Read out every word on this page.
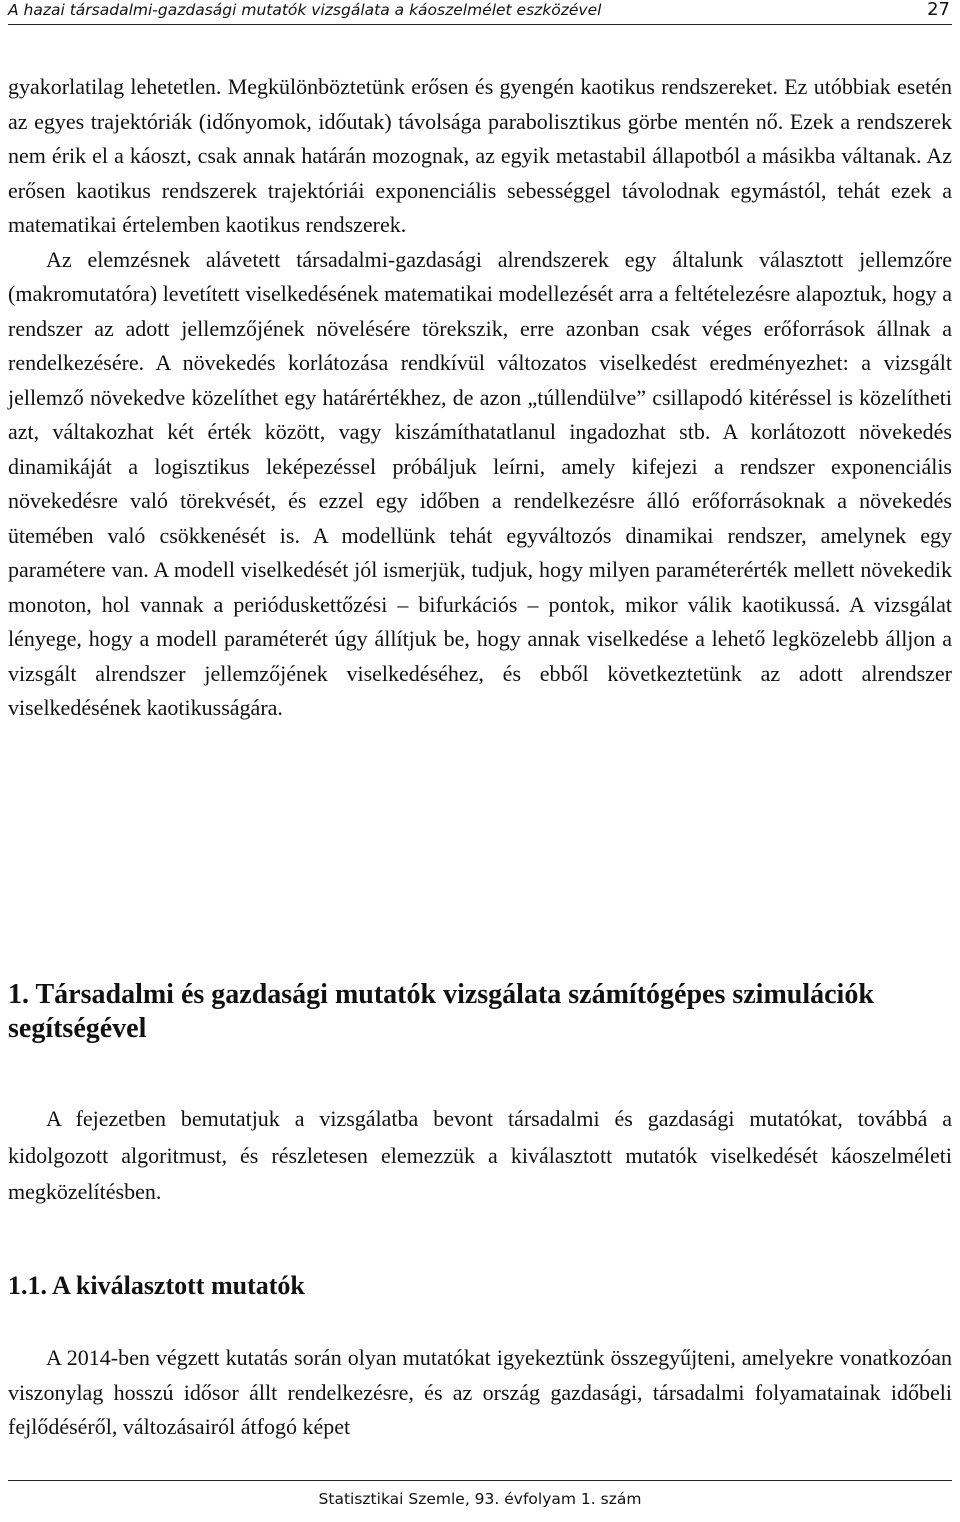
A hazai társadalmi-gazdasági mutatók vizsgálata a káoszelmélet eszközével	27

gyakorlatilag lehetetlen. Megkülönböztetünk erősen és gyengén kaotikus rendszereket. Ez utóbbiak esetén az egyes trajektóriák (időnyomok, időutak) távolsága parabolisztikus görbe mentén nő. Ezek a rendszerek nem érik el a káoszt, csak annak határán mozognak, az egyik metastabil állapotból a másikba váltanak. Az erősen kaotikus rendszerek trajektóriái exponenciális sebességgel távolodnak egymástól, tehát ezek a matematikai értelemben kaotikus rendszerek.

Az elemzésnek alávetett társadalmi-gazdasági alrendszerek egy általunk választott jellemzőre (makromutatóra) levetített viselkedésének matematikai modellezését arra a feltételezésre alapoztuk, hogy a rendszer az adott jellemzőjének növelésére törekszik, erre azonban csak véges erőforrások állnak a rendelkezésére. A növekedés korlátozása rendkívül változatos viselkedést eredményezhet: a vizsgált jellemző növekedve közelíthet egy határértékhez, de azon „túllendülve” csillapodó kitéréssel is közelítheti azt, váltakozhat két érték között, vagy kiszámíthatatlanul ingadozhat stb. A korlátozott növekedés dinamikáját a logisztikus leképezéssel próbáljuk leírni, amely kifejezi a rendszer exponenciális növekedésre való törekvését, és ezzel egy időben a rendelkezésre álló erőforrásoknak a növekedés ütemében való csökkenését is. A modellünk tehát egyváltozós dinamikai rendszer, amelynek egy paramétere van. A modell viselkedését jól ismerjük, tudjuk, hogy milyen paraméterérték mellett növekedik monoton, hol vannak a perióduskettőzési – bifurkációs – pontok, mikor válik kaotikussá. A vizsgálat lényege, hogy a modell paraméterét úgy állítjuk be, hogy annak viselkedése a lehető legközelebb álljon a vizsgált alrendszer jellemzőjének viselkedéséhez, és ebből következtetünk az adott alrendszer viselkedésének kaotikusságára.

1. Társadalmi és gazdasági mutatók vizsgálata számítógépes szimulációk segítségével

A fejezetben bemutatjuk a vizsgálatba bevont társadalmi és gazdasági mutatókat, továbbá a kidolgozott algoritmust, és részletesen elemezzük a kiválasztott mutatók viselkedését káoszelméleti megközelítésben.

1.1. A kiválasztott mutatók

A 2014-ben végzett kutatás során olyan mutatókat igyekeztünk összegyűjteni, amelyekre vonatkozóan viszonylag hosszú idősor állt rendelkezésre, és az ország gazdasági, társadalmi folyamatainak időbeli fejlődéséről, változásairól átfogó képet

Statisztikai Szemle, 93. évfolyam 1. szám
